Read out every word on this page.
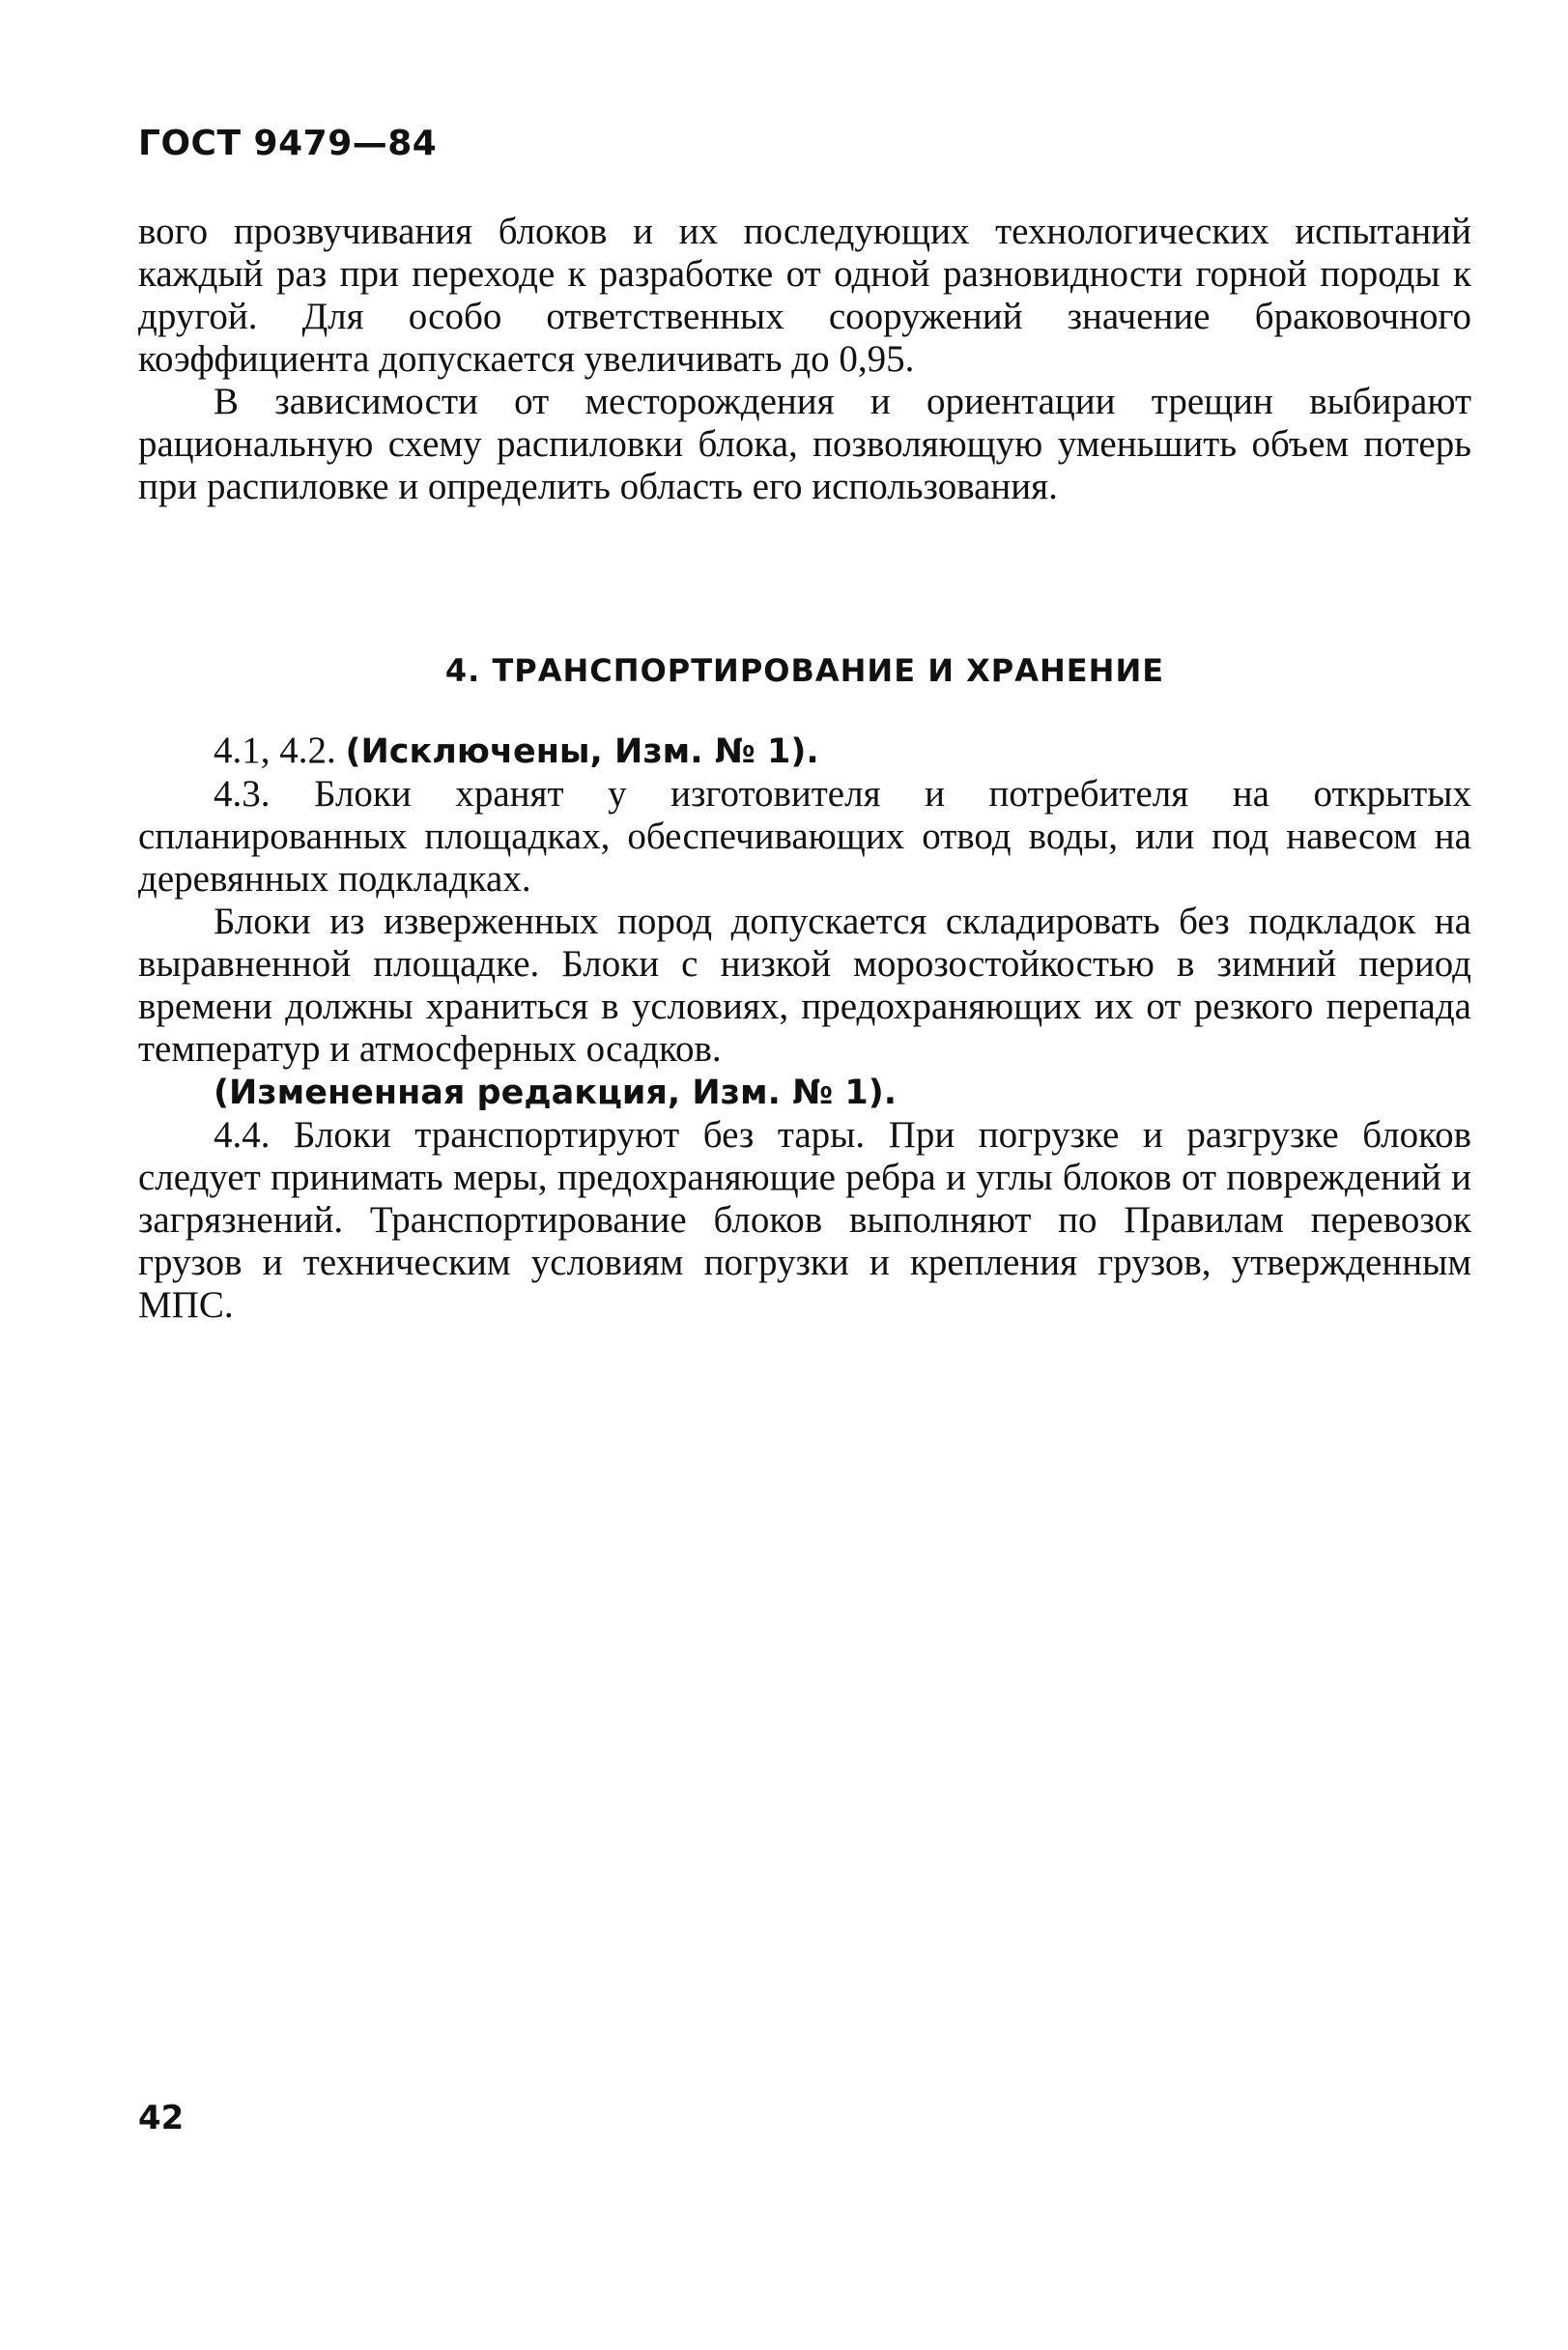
ГОСТ 9479—84

вого прозвучивания блоков и их последующих технологических испытаний каждый раз при переходе к разработке от одной разновидности горной породы к другой. Для особо ответственных сооружений значение браковочного коэффициента допускается увеличивать до 0,95.

В зависимости от месторождения и ориентации трещин выбирают рациональную схему распиловки блока, позволяющую уменьшить объем потерь при распиловке и определить область его использования.

4. ТРАНСПОРТИРОВАНИЕ И ХРАНЕНИЕ

4.1, 4.2. (Исключены, Изм. № 1).

4.3. Блоки хранят у изготовителя и потребителя на открытых спланированных площадках, обеспечивающих отвод воды, или под навесом на деревянных подкладках.

Блоки из изверженных пород допускается складировать без подкладок на выравненной площадке. Блоки с низкой морозостойкостью в зимний период времени должны храниться в условиях, предохраняющих их от резкого перепада температур и атмосферных осадков.

(Измененная редакция, Изм. № 1).

4.4. Блоки транспортируют без тары. При погрузке и разгрузке блоков следует принимать меры, предохраняющие ребра и углы блоков от повреждений и загрязнений. Транспортирование блоков выполняют по Правилам перевозок грузов и техническим условиям погрузки и крепления грузов, утвержденным МПС.

42
